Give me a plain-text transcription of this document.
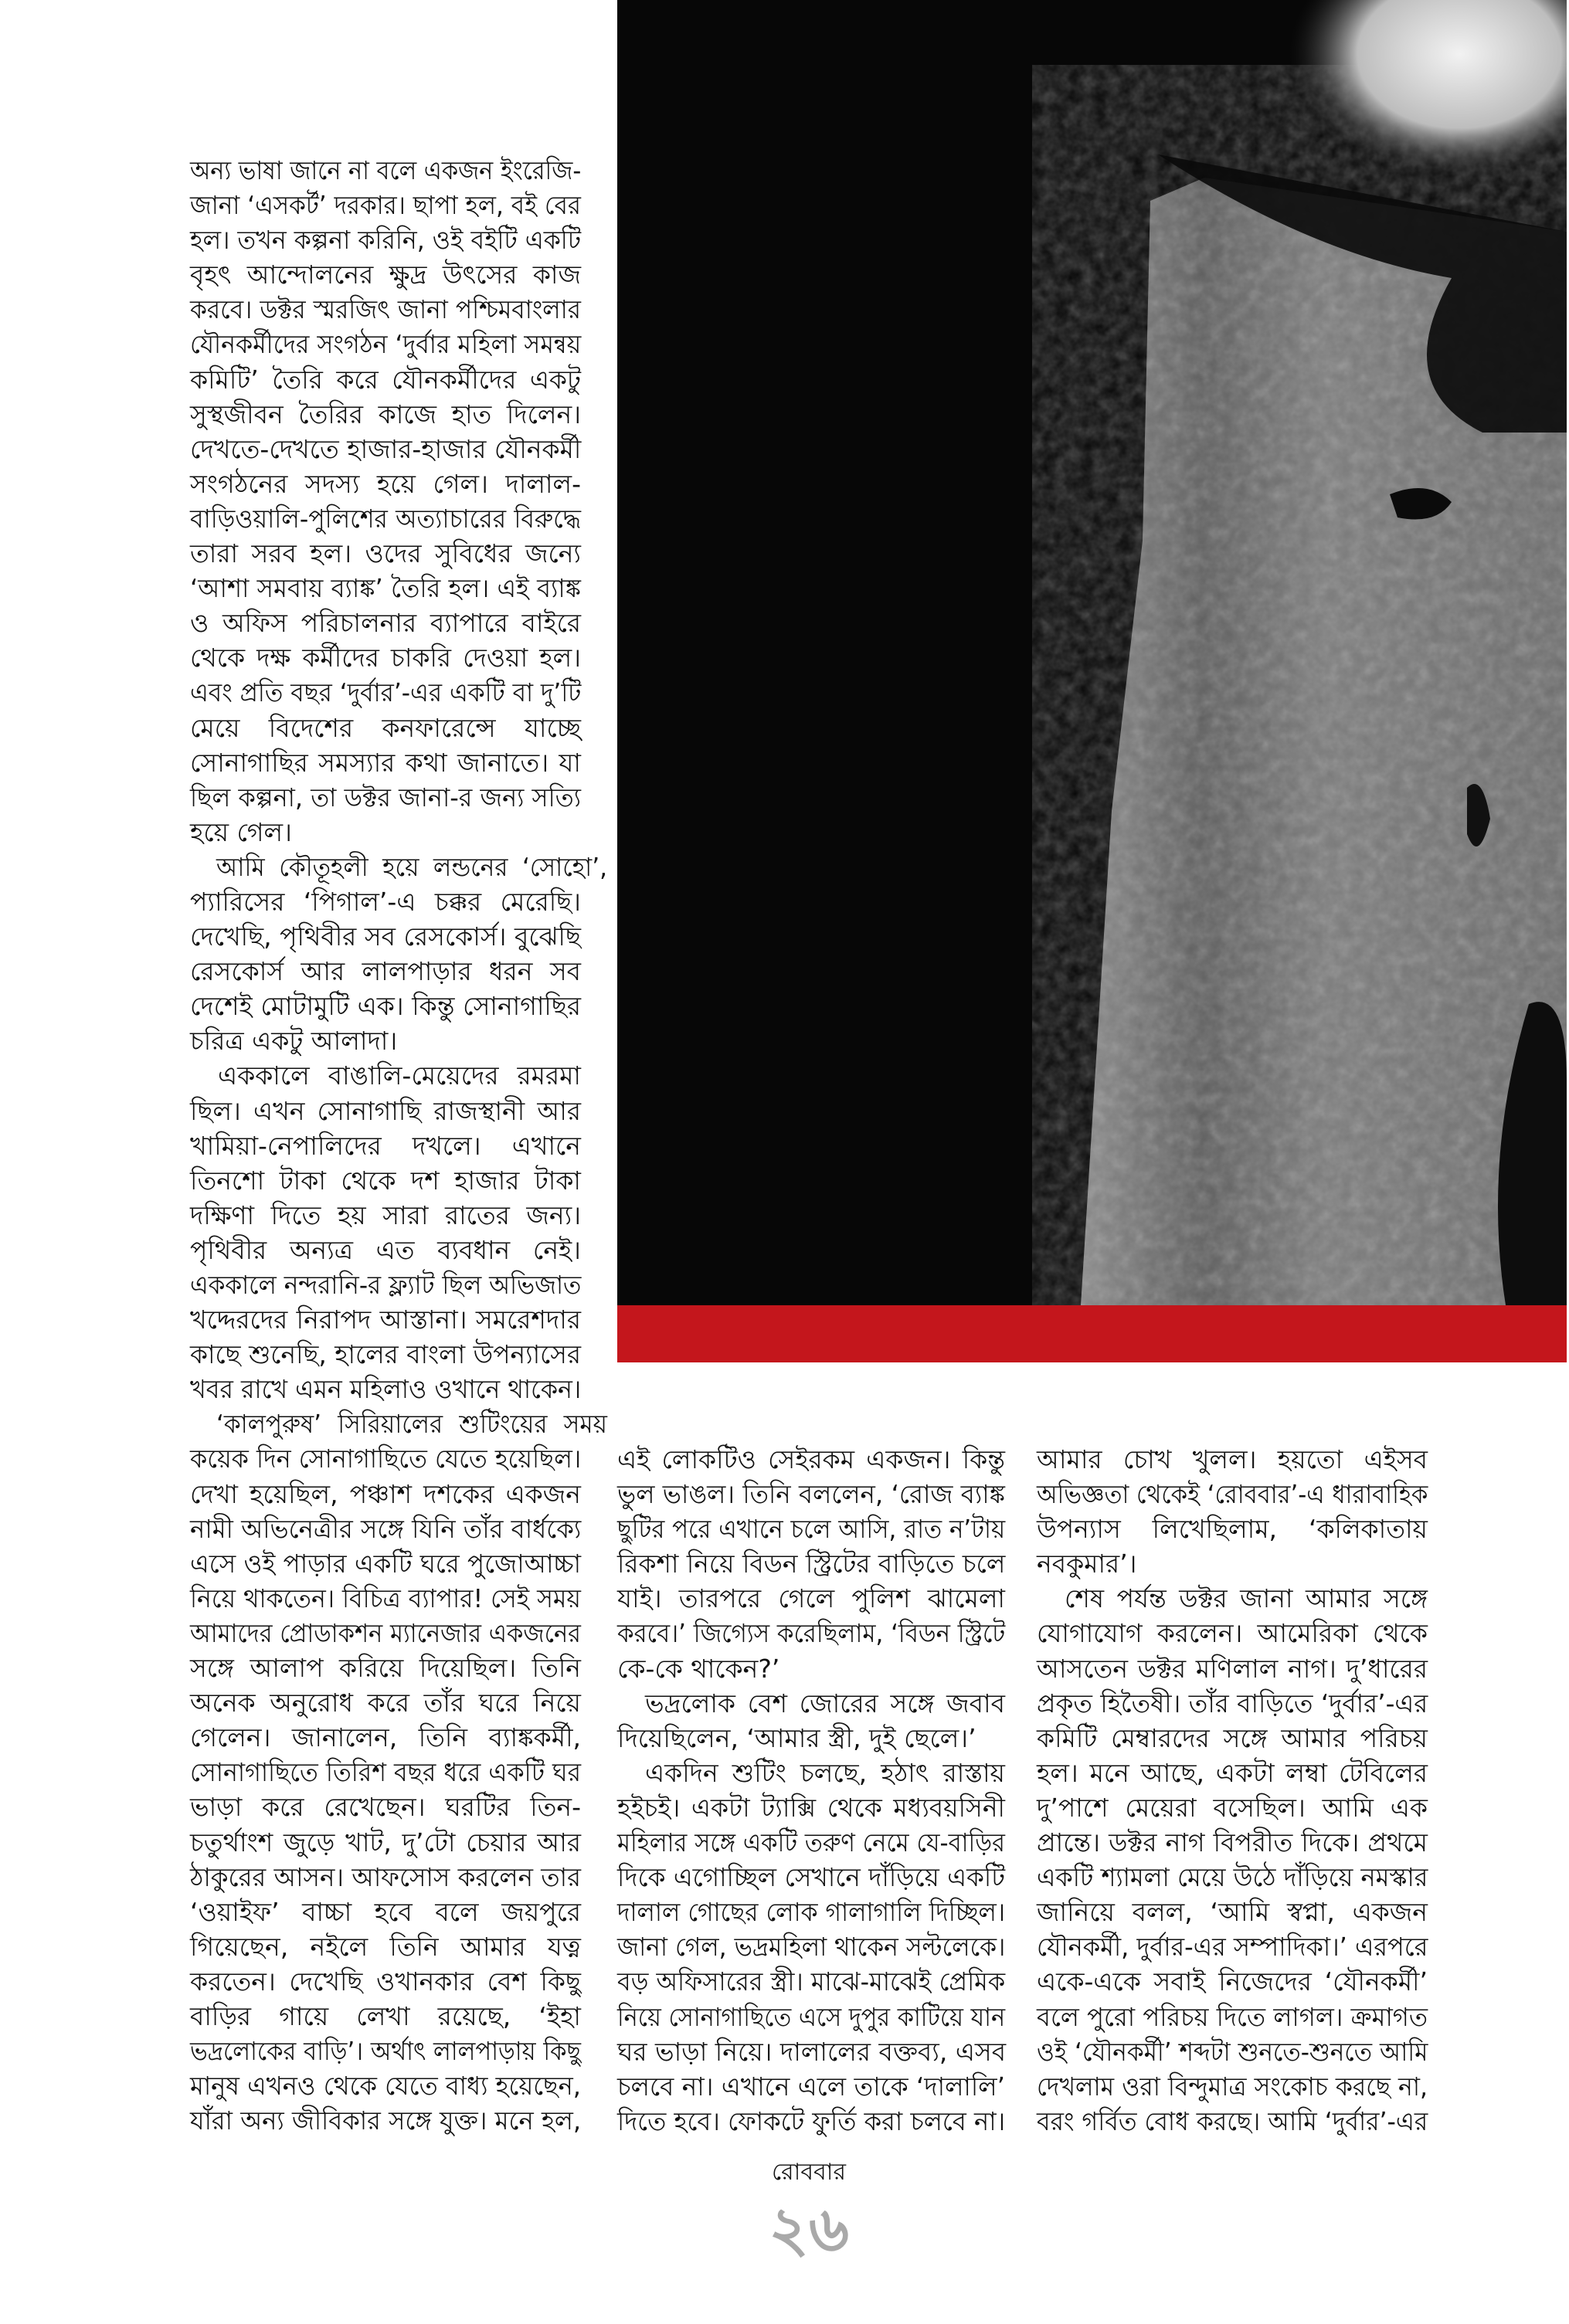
অন্য ভাষা জানে না বলে একজন ইংরেজি-
জানা ‘এসকর্ট’ দরকার। ছাপা হল, বই বের
হল। তখন কল্পনা করিনি, ওই বইটি একটি
বৃহৎ আন্দোলনের ক্ষুদ্র উৎসের কাজ
করবে। ডক্টর স্মরজিৎ জানা পশ্চিমবাংলার
যৌনকর্মীদের সংগঠন ‘দুর্বার মহিলা সমন্বয়
কমিটি’ তৈরি করে যৌনকর্মীদের একটু
সুস্থজীবন তৈরির কাজে হাত দিলেন।
দেখতে-দেখতে হাজার-হাজার যৌনকর্মী
সংগঠনের সদস্য হয়ে গেল। দালাল-
বাড়িওয়ালি-পুলিশের অত্যাচারের বিরুদ্ধে
তারা সরব হল। ওদের সুবিধের জন্যে
‘আশা সমবায় ব্যাঙ্ক’ তৈরি হল। এই ব্যাঙ্ক
ও অফিস পরিচালনার ব্যাপারে বাইরে
থেকে দক্ষ কর্মীদের চাকরি দেওয়া হল।
এবং প্রতি বছর ‘দুর্বার’-এর একটি বা দু’টি
মেয়ে বিদেশের কনফারেন্সে যাচ্ছে
সোনাগাছির সমস্যার কথা জানাতে। যা
ছিল কল্পনা, তা ডক্টর জানা-র জন্য সত্যি
হয়ে গেল।
আমি কৌতূহলী হয়ে লন্ডনের ‘সোহো’,
প্যারিসের ‘পিগাল’-এ চক্কর মেরেছি।
দেখেছি, পৃথিবীর সব রেসকোর্স। বুঝেছি
রেসকোর্স আর লালপাড়ার ধরন সব
দেশেই মোটামুটি এক। কিন্তু সোনাগাছির
চরিত্র একটু আলাদা।
এককালে বাঙালি-মেয়েদের রমরমা
ছিল। এখন সোনাগাছি রাজস্থানী আর
খামিয়া-নেপালিদের দখলে। এখানে
তিনশো টাকা থেকে দশ হাজার টাকা
দক্ষিণা দিতে হয় সারা রাতের জন্য।
পৃথিবীর অন্যত্র এত ব্যবধান নেই।
এককালে নন্দরানি-র ফ্ল্যাট ছিল অভিজাত
খদ্দেরদের নিরাপদ আস্তানা। সমরেশদার
কাছে শুনেছি, হালের বাংলা উপন্যাসের
খবর রাখে এমন মহিলাও ওখানে থাকেন।
‘কালপুরুষ’ সিরিয়ালের শুটিংয়ের সময়
কয়েক দিন সোনাগাছিতে যেতে হয়েছিল।
দেখা হয়েছিল, পঞ্চাশ দশকের একজন
নামী অভিনেত্রীর সঙ্গে যিনি তাঁর বার্ধক্যে
এসে ওই পাড়ার একটি ঘরে পুজোআচ্চা
নিয়ে থাকতেন। বিচিত্র ব্যাপার! সেই সময়
আমাদের প্রোডাকশন ম্যানেজার একজনের
সঙ্গে আলাপ করিয়ে দিয়েছিল। তিনি
অনেক অনুরোধ করে তাঁর ঘরে নিয়ে
গেলেন। জানালেন, তিনি ব্যাঙ্ককর্মী,
সোনাগাছিতে তিরিশ বছর ধরে একটি ঘর
ভাড়া করে রেখেছেন। ঘরটির তিন-
চতুর্থাংশ জুড়ে খাট, দু’টো চেয়ার আর
ঠাকুরের আসন। আফসোস করলেন তার
‘ওয়াইফ’ বাচ্চা হবে বলে জয়পুরে
গিয়েছেন, নইলে তিনি আমার যত্ন
করতেন। দেখেছি ওখানকার বেশ কিছু
বাড়ির গায়ে লেখা রয়েছে, ‘ইহা
ভদ্রলোকের বাড়ি’। অর্থাৎ লালপাড়ায় কিছু
মানুষ এখনও থেকে যেতে বাধ্য হয়েছেন,
যাঁরা অন্য জীবিকার সঙ্গে যুক্ত। মনে হল,
এই লোকটিও সেইরকম একজন। কিন্তু
ভুল ভাঙল। তিনি বললেন, ‘রোজ ব্যাঙ্ক
ছুটির পরে এখানে চলে আসি, রাত ন’টায়
রিকশা নিয়ে বিডন স্ট্রিটের বাড়িতে চলে
যাই। তারপরে গেলে পুলিশ ঝামেলা
করবে।’ জিগ্যেস করেছিলাম, ‘বিডন স্ট্রিটে
কে-কে থাকেন?’
ভদ্রলোক বেশ জোরের সঙ্গে জবাব
দিয়েছিলেন, ‘আমার স্ত্রী, দুই ছেলে।’
একদিন শুটিং চলছে, হঠাৎ রাস্তায়
হইচই। একটা ট্যাক্সি থেকে মধ্যবয়সিনী
মহিলার সঙ্গে একটি তরুণ নেমে যে-বাড়ির
দিকে এগোচ্ছিল সেখানে দাঁড়িয়ে একটি
দালাল গোছের লোক গালাগালি দিচ্ছিল।
জানা গেল, ভদ্রমহিলা থাকেন সল্টলেকে।
বড় অফিসারের স্ত্রী। মাঝে-মাঝেই প্রেমিক
নিয়ে সোনাগাছিতে এসে দুপুর কাটিয়ে যান
ঘর ভাড়া নিয়ে। দালালের বক্তব্য, এসব
চলবে না। এখানে এলে তাকে ‘দালালি’
দিতে হবে। ফোকটে ফুর্তি করা চলবে না।
আমার চোখ খুলল। হয়তো এইসব
অভিজ্ঞতা থেকেই ‘রোববার’-এ ধারাবাহিক
উপন্যাস লিখেছিলাম, ‘কলিকাতায়
নবকুমার’।
শেষ পর্যন্ত ডক্টর জানা আমার সঙ্গে
যোগাযোগ করলেন। আমেরিকা থেকে
আসতেন ডক্টর মণিলাল নাগ। দু’ধারের
প্রকৃত হিতৈষী। তাঁর বাড়িতে ‘দুর্বার’-এর
কমিটি মেম্বারদের সঙ্গে আমার পরিচয়
হল। মনে আছে, একটা লম্বা টেবিলের
দু’পাশে মেয়েরা বসেছিল। আমি এক
প্রান্তে। ডক্টর নাগ বিপরীত দিকে। প্রথমে
একটি শ্যামলা মেয়ে উঠে দাঁড়িয়ে নমস্কার
জানিয়ে বলল, ‘আমি স্বপ্না, একজন
যৌনকর্মী, দুর্বার-এর সম্পাদিকা।’ এরপরে
একে-একে সবাই নিজেদের ‘যৌনকর্মী’
বলে পুরো পরিচয় দিতে লাগল। ক্রমাগত
ওই ‘যৌনকর্মী’ শব্দটা শুনতে-শুনতে আমি
দেখলাম ওরা বিন্দুমাত্র সংকোচ করছে না,
বরং গর্বিত বোধ করছে। আমি ‘দুর্বার’-এর
রোববার
২৬
